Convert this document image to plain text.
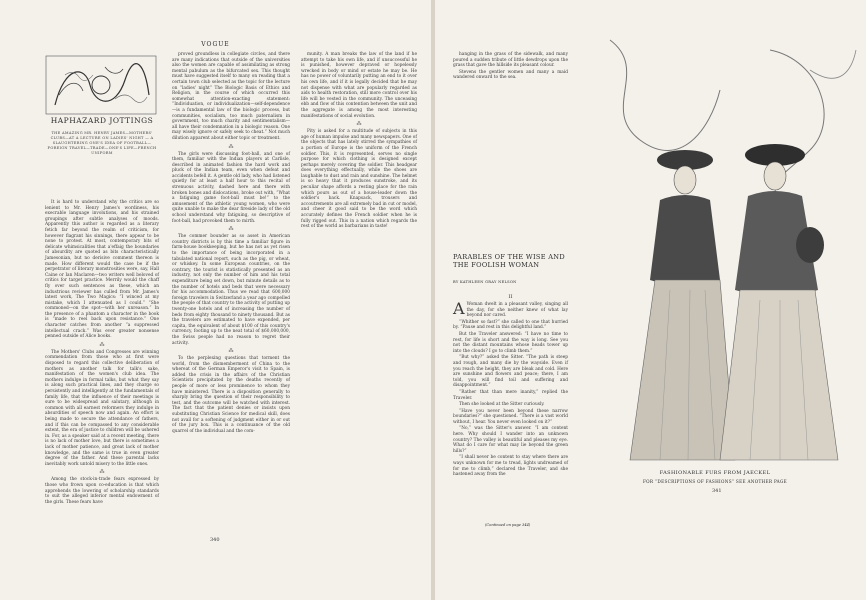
VOGUE
HAPHAZARD JOTTINGS
THE AMAZING MR. HENRY JAMES—MOTHERS' CLUBS—AT A LECTURE ON LADIES' NIGHT — A SLAUGHTERING ONE'S IDEA OF FOOTBALL—FOREIGN TRAVEL—TRADE—ONE'S LIFE—FRENCH UNIFORM

It is hard to understand why the critics are so lenient to Mr. Henry James's wordiness, his execrable language involutions, and his strained groupings after subtle analyses of moods. Apparently this author is regarded as a literary fetich far beyond the realm of criticism, for however flagrant his sinnings, there appear to be none to protest. At most, contemporary bits of delicate whimsicalities that a'effaig the boundaries of absurdity are quoted as bits characteristically Jamesonian, but no derisive comment thereon is made. How different would the case be if the perpetrator of literary monstrosities were, say, Hall Caine or Ian Maclaren—two writers well beloved of critics for target practice. Merrily would the chaff fly over such sentences as these, which an industrious reviewer has culled from Mr. James's latest work, The Two Magics: “I winced at my mistake, which I attenuated as I could.” “She commoned—on the spot—with her unreason.” In the presence of a phantom a character in the book is “made to reel back upon resistance.” One character catches from another “a suppressed intellectual crack.” Was ever greater nonsense penned outside of Alice books.

⁂

The Mothers' Clubs and Congresses are winning commendation from those who at first were disposed to regard this collective deliberation of mothers as another talk for talk's sake, manifestation of the women's club idea. The mothers indulge in formal talks, but what they say is along such practical lines, and they charge so persistently and intelligently at the fundamentals of family life, that the influence of their meetings is sure to be widespread and salutary, although in common with all earnest reformers they indulge in absurdities of speech now and again. An effort is being made to secure the attendance of fathers, and if this can be compassed to any considerable extent, the era of justice to children will be ushered in. For, as a speaker said at a recent meeting, there is no lack of mother love, but there is sometimes a lack of mother patience, and great lack of mother knowledge, and the same is true in even greater degree of the father. And these parental lacks inevitably work untold misery to the little ones.

⁂

Among the stock-in-trade fears expressed by those who frown upon co-education is that which apprehends the lowering of scholarship standards to suit the alleged inferior mental endowment of the girls. These fears have

proved groundless in collegiate circles, and there are many indications that outside of the universities also the women are capable of assimilating as strong mental pabulum as the bifurcated sex. This thought must have suggested itself to many on reading that a certain town club selected as the topic for the lecture on “ladies' night” The Biologic Basis of Ethics and Religion, in the course of which occurred this somewhat attention-exacting statement: “Individuation, or individualization—self-dependence—is a fundamental law of the biologic process, but communities, socialism, too much paternalism in government, too much charity and sentimentalism—all have their condemnation in a biologic reason. One may wisely ignore or safely seek to cheat.” Not much dilution apparent about either topic or treatment.

⁂

The girls were discussing foot-ball, and one of them, familiar with the Indian players at Carlisle, described in animated fashion the hard work and pluck of the Indian team, even when defeat and accidents befell it. A gentle old lady, who had listened quietly for at least a half hour to this recital of strenuous activity, dashed here and there with broken bones and dislocations, broke out with, “What a fatiguing game foot-ball must be!” to the amusement of the athletic young women, who were quite unable to make the dear fireside lady of the old school understand why fatiguing, so descriptive of foot-ball, had provoked them to mirth.

⁂

The commer bounder as so asset in American country districts is by this time a familiar figure in farm-house bookkeeping, but he has not as yet risen to the importance of being incorporated in a tabulated national report, such as the pig, or wheat, or whiskey. In some European countries, on the contrary, the tourist is statistically presented as an industry, not only the number of him and his total expenditure being set down, but minute details as to the number of hotels and beds that were necessary for his accommodation. Thus we read that 600,000 foreign travelers in Switzerland a year ago compelled the people of that country to the activity of putting up twenty-one hotels and of increasing the number of beds from eighty thousand to ninety thousand. But as the travelers are estimated to have expended, per capita, the equivalent of about $100 of this country's currency, footing up to the neat total of $60,000,000, the Swiss people had no reason to regret their activity.

⁂

To the perplexing questions that torment the world, from the dismemberment of China to the whereat of the German Emperor's visit to Spain, is added the crisis in the affairs of the Christian Scientists precipitated by the deaths recently of people of more or less prominence to whom they have ministered. There is a disposition generally to sharply bring the question of their responsibility to test, and the outcome will be watched with interest. The fact that the patient denies or insists upon substituting Christian Science for medical skill, does not avail for a softening of judgment either in or out of the jury box. This is a continuance of the old quarrel of the individual and the com-

munity. A man breaks the law of the land if he attempt to take his own life, and if unsuccessful he is punished, however depraved or hopelessly wrecked in body or mind or estate he may be. He has no power of voluntarily putting an end to it over his own life, and if it is legally decided that he may not dispense with what are popularly regarded as aids to health restoration, still more control over his life will be vested in the community. The unceasing ebb and flow of this contention between the unit and the aggregate is among the most interesting manifestations of social evolution.

⁂

Pity is asked for a multitude of subjects in this age of human impulse and many newspapers. One of the objects that has lately stirred the sympathies of a portion of Europe is the uniform of the French soldier. This, it is represented, serves no single purpose for which clothing is designed except perhaps merely covering the soldier. This headgear does everything effectually, while the shoes are laughable to dust and rain and sunshine. The helmet is so heavy that it produces sunstroke, and its peculiar shape affords a resting place for the rain which pours as out of a house-leader down the soldier's back. Knapsack, trousers and accoutrements are all extremely bad in cut or model, and cheer it good said to be the word which accurately defines the French soldier when he is fully rigged out. This in a nation which regards the rest of the world as barbarians in taste!

340

hanging in the grass of the sidewalk, and many poured a sudden tribute of little dewdrops upon the grass that gave the hillside its pleasant colour.

Stevens the gentler women and many a maid wandered onward to the sea.

PARABLES OF THE WISE AND THE FOOLISH WOMAN
BY KATHLEEN GRAY NELSON
II

A Woman dwelt in a pleasant valley, singing all the day, for she neither knew of what lay beyond nor cared.

“Whither so fast?” she called to one that hurried by. “Pause and rest in this delightful land.”

But the Traveler answered: “I have no time to rest, for life is short and the way is long. See you not the distant mountains whose heads tower up into the clouds? I go to climb them.”

“But why?” asked the Sitter. “The path is steep and rough, and many die by the wayside. Even if you reach the height, they are bleak and cold. Here are sunshine and flowers and peace; there, I am told, you will find toil and suffering and disappointment.”

“Rather that than mere inanity,” replied the Traveler.

Then she looked at the Sitter curiously.

“Have you never been beyond these narrow boundaries?” she questioned. “There is a vast world without, I hear. You never even looked on it?”

“No,” was the Sitter's answer. “I am content here. Why should I wander into an unknown country? The valley is beautiful and pleases my eye. What do I care for what may lie beyond the green hills?”

“I shall never be content to stay where there are ways unknown for me to tread, lights undreamed of for me to climb,” declared the Traveler, and she hastened away from the

(Continued on page 344)
FASHIONABLE FURS FROM JAECKEL
FOR “DESCRIPTIONS OF FASHIONS” SEE ANOTHER PAGE
341
